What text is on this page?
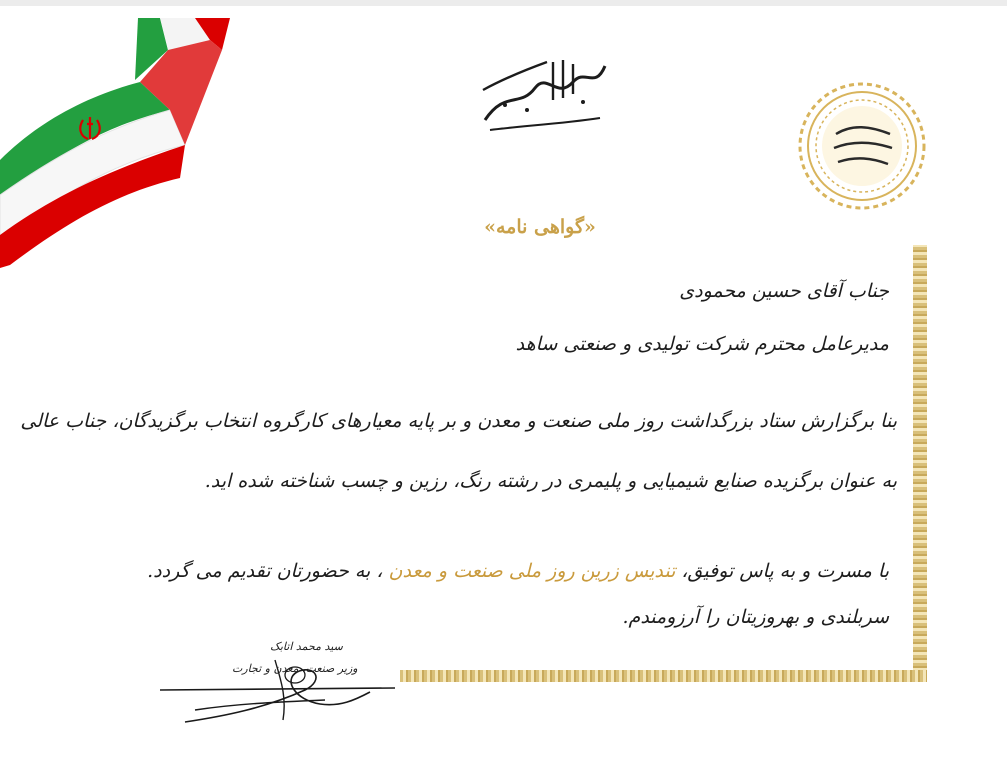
«گواهی نامه»
جناب آقای حسین محمودی
مدیرعامل محترم شرکت تولیدی و صنعتی ساهد
بنا برگزارش ستاد بزرگداشت روز ملی صنعت و معدن و بر پایه معیارهای کارگروه انتخاب برگزیدگان، جناب عالی
به عنوان برگزیده صنایع شیمیایی و پلیمری در رشته رنگ، رزین و چسب شناخته شده اید.
با مسرت و به پاس توفیق، تندیس زرین روز ملی صنعت و معدن ، به حضورتان تقدیم می گردد.
سربلندی و بهروزیتان را آرزومندم.
سید محمد اتابک
وزیر صنعت، معدن و تجارت
